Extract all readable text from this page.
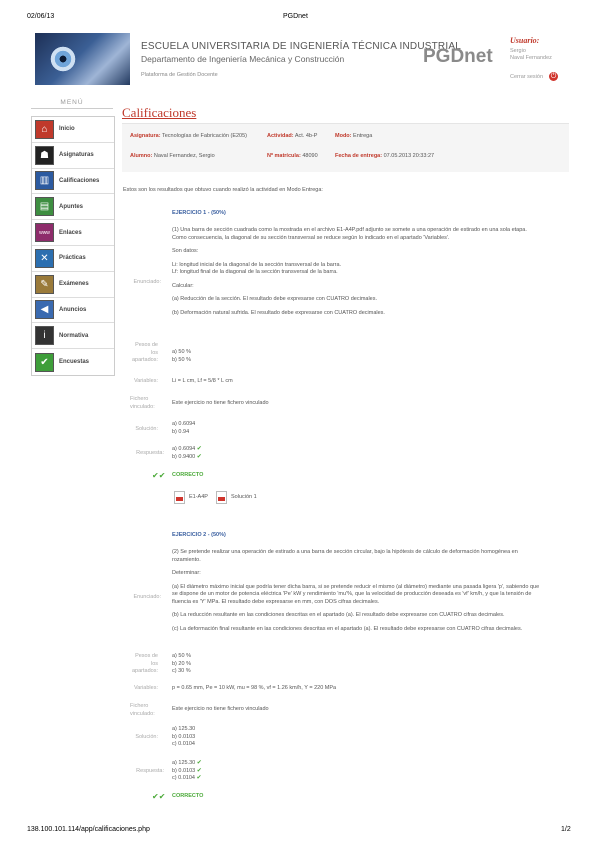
02/06/13	PGDnet
ESCUELA UNIVERSITARIA DE INGENIERÍA TÉCNICA INDUSTRIAL
Departamento de Ingeniería Mecánica y Construcción
Plataforma de Gestión Docente
PGDnet
Usuario:
Sergio
Naval Fernandez
Cerrar sesión ⏻
MENÚ
⌂	Inicio
☗	Asignaturas
▥	Calificaciones
▤	Apuntes
www	Enlaces
✕	Prácticas
✎	Exámenes
◀	Anuncios
i	Normativa
✔	Encuestas
Calificaciones
Asignatura: Tecnologías de Fabricación (E205)	Actividad: Act. 4b-P	Modo: Entrega
Alumno: Naval Fernandez, Sergio	Nº matrícula: 48090	Fecha de entrega: 07.05.2013 20:33:27
Estos son los resultados que obtuvo cuando realizó la actividad en Modo Entrega:
EJERCICIO 1 - (50%)
(1) Una barra de sección cuadrada como la mostrada en el archivo E1-A4P.pdf adjunto se somete a una operación de estirado en una sola etapa.
Como consecuencia, la diagonal de su sección transversal se reduce según lo indicado en el apartado 'Variables'.
Son datos:
Li: longitud inicial de la diagonal de la sección transversal de la barra.
Lf: longitud final de la diagonal de la sección transversal de la barra.
Calcular:
(a) Reducción de la sección. El resultado debe expresarse con CUATRO decimales.
(b) Deformación natural sufrida. El resultado debe expresarse con CUATRO decimales.
Enunciado:
Pesos de
los
apartados:
a) 50 %
b) 50 %
Variables:	Li = L cm, Lf = 5/8 * L cm
Fichero
vinculado:
Este ejercicio no tiene fichero vinculado
Solución:
a) 0.6094
b) 0.94
Respuesta:
a) 0.6094 ✔
b) 0.9400 ✔
✔✔ CORRECTO
E1-A4P	Solución 1
EJERCICIO 2 - (50%)
(2) Se pretende realizar una operación de estirado a una barra de sección circular, bajo la hipótesis de cálculo de deformación homogénea en
rozamiento.
Determinar:
(a) El diámetro máximo inicial que podría tener dicha barra, si se pretende reducir el mismo (al diámetro) mediante una pasada ligera 'p', sabiendo que
se dispone de un motor de potencia eléctrica 'Pe' kW y rendimiento 'mu'%, que la velocidad de producción deseada es 'vf' km/h, y que la tensión de
fluencia es 'Y' MPa. El resultado debe expresarse en mm, con DOS cifras decimales.
(b) La reducción resultante en las condiciones descritas en el apartado (a). El resultado debe expresarse con CUATRO cifras decimales.
(c) La deformación final resultante en las condiciones descritas en el apartado (a). El resultado debe expresarse con CUATRO cifras decimales.
Enunciado:
Pesos de
los
apartados:
a) 50 %
b) 20 %
c) 30 %
Variables:	p = 0.65 mm, Pe = 10 kW, mu = 98 %, vf = 1.26 km/h, Y = 220 MPa
Fichero
vinculado:
Este ejercicio no tiene fichero vinculado
Solución:
a) 125.30
b) 0.0103
c) 0.0104
Respuesta:
a) 125.30 ✔
b) 0.0103 ✔
c) 0.0104 ✔
✔✔ CORRECTO
138.100.101.114/app/calificaciones.php	1/2
